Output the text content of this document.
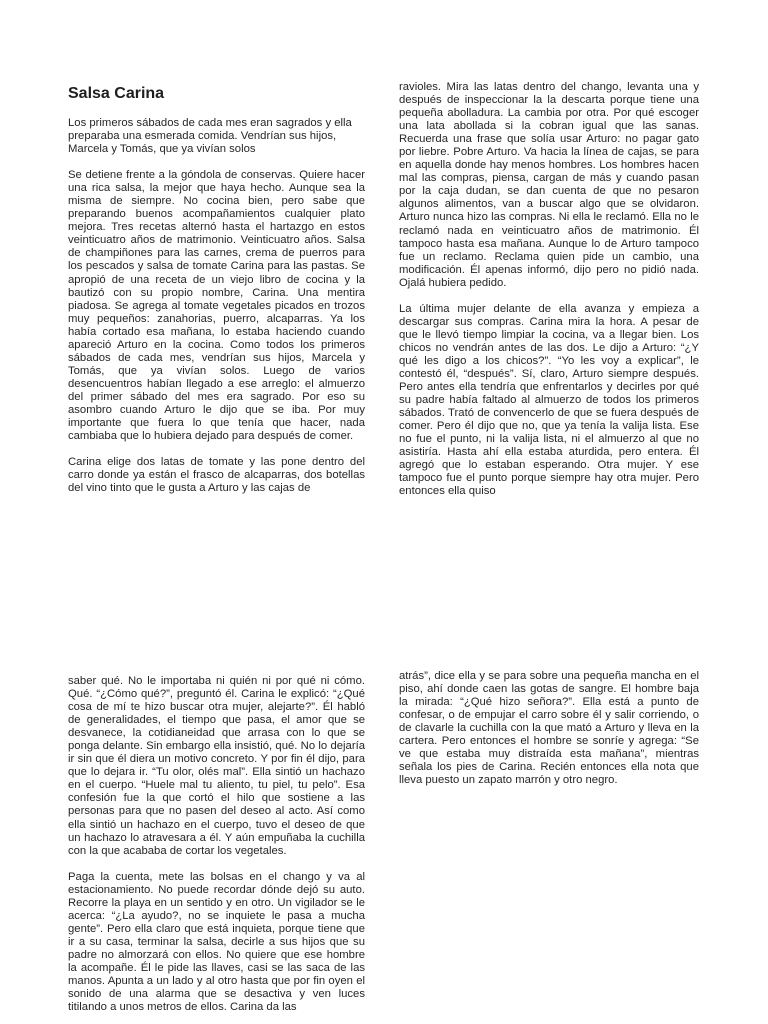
Salsa Carina

Los primeros sábados de cada mes eran sagrados y ella preparaba una esmerada comida. Vendrían sus hijos, Marcela y Tomás, que ya vivían solos

Se detiene frente a la góndola de conservas. Quiere hacer una rica salsa, la mejor que haya hecho. Aunque sea la misma de siempre. No cocina bien, pero sabe que preparando buenos acompañamientos cualquier plato mejora. Tres recetas alternó hasta el hartazgo en estos veinticuatro años de matrimonio. Veinticuatro años. Salsa de champiñones para las carnes, crema de puerros para los pescados y salsa de tomate Carina para las pastas. Se apropió de una receta de un viejo libro de cocina y la bautizó con su propio nombre, Carina. Una mentira piadosa. Se agrega al tomate vegetales picados en trozos muy pequeños: zanahorias, puerro, alcaparras. Ya los había cortado esa mañana, lo estaba haciendo cuando apareció Arturo en la cocina. Como todos los primeros sábados de cada mes, vendrían sus hijos, Marcela y Tomás, que ya vivían solos. Luego de varios desencuentros habían llegado a ese arreglo: el almuerzo del primer sábado del mes era sagrado. Por eso su asombro cuando Arturo le dijo que se iba. Por muy importante que fuera lo que tenía que hacer, nada cambiaba que lo hubiera dejado para después de comer.

Carina elige dos latas de tomate y las pone dentro del carro donde ya están el frasco de alcaparras, dos botellas del vino tinto que le gusta a Arturo y las cajas de

ravioles. Mira las latas dentro del chango, levanta una y después de inspeccionar la la descarta porque tiene una pequeña abolladura. La cambia por otra. Por qué escoger una lata abollada si la cobran igual que las sanas. Recuerda una frase que solía usar Arturo: no pagar gato por liebre. Pobre Arturo. Va hacia la línea de cajas, se para en aquella donde hay menos hombres. Los hombres hacen mal las compras, piensa, cargan de más y cuando pasan por la caja dudan, se dan cuenta de que no pesaron algunos alimentos, van a buscar algo que se olvidaron. Arturo nunca hizo las compras. Ni ella le reclamó. Ella no le reclamó nada en veinticuatro años de matrimonio. Él tampoco hasta esa mañana. Aunque lo de Arturo tampoco fue un reclamo. Reclama quien pide un cambio, una modificación. Él apenas informó, dijo pero no pidió nada. Ojalá hubiera pedido.

La última mujer delante de ella avanza y empieza a descargar sus compras. Carina mira la hora. A pesar de que le llevó tiempo limpiar la cocina, va a llegar bien. Los chicos no vendrán antes de las dos. Le dijo a Arturo: “¿Y qué les digo a los chicos?”. “Yo les voy a explicar”, le contestó él, “después”. Sí, claro, Arturo siempre después. Pero antes ella tendría que enfrentarlos y decirles por qué su padre había faltado al almuerzo de todos los primeros sábados. Trató de convencerlo de que se fuera después de comer. Pero él dijo que no, que ya tenía la valija lista. Ese no fue el punto, ni la valija lista, ni el almuerzo al que no asistiría. Hasta ahí ella estaba aturdida, pero entera. Él agregó que lo estaban esperando. Otra mujer. Y ese tampoco fue el punto porque siempre hay otra mujer. Pero entonces ella quiso

saber qué. No le importaba ni quién ni por qué ni cómo. Qué. “¿Cómo qué?”, preguntó él. Carina le explicó: “¿Qué cosa de mí te hizo buscar otra mujer, alejarte?”. Él habló de generalidades, el tiempo que pasa, el amor que se desvanece, la cotidianeidad que arrasa con lo que se ponga delante. Sin embargo ella insistió, qué. No lo dejaría ir sin que él diera un motivo concreto. Y por fin él dijo, para que lo dejara ir. “Tu olor, olés mal”. Ella sintió un hachazo en el cuerpo. “Huele mal tu aliento, tu piel, tu pelo”. Esa confesión fue la que cortó el hilo que sostiene a las personas para que no pasen del deseo al acto. Así como ella sintió un hachazo en el cuerpo, tuvo el deseo de que un hachazo lo atravesara a él. Y aún empuñaba la cuchilla con la que acababa de cortar los vegetales.

Paga la cuenta, mete las bolsas en el chango y va al estacionamiento. No puede recordar dónde dejó su auto. Recorre la playa en un sentido y en otro. Un vigilador se le acerca: “¿La ayudo?, no se inquiete le pasa a mucha gente”. Pero ella claro que está inquieta, porque tiene que ir a su casa, terminar la salsa, decirle a sus hijos que su padre no almorzará con ellos. No quiere que ese hombre la acompañe. Él le pide las llaves, casi se las saca de las manos. Apunta a un lado y al otro hasta que por fin oyen el sonido de una alarma que se desactiva y ven luces titilando a unos metros de ellos. Carina da las

atrás”, dice ella y se para sobre una pequeña mancha en el piso, ahí donde caen las gotas de sangre. El hombre baja la mirada: “¿Qué hizo señora?”. Ella está a punto de confesar, o de empujar el carro sobre él y salir corriendo, o de clavarle la cuchilla con la que mató a Arturo y lleva en la cartera. Pero entonces el hombre se sonríe y agrega: “Se ve que estaba muy distraída esta mañana”, mientras señala los pies de Carina. Recién entonces ella nota que lleva puesto un zapato marrón y otro negro.
